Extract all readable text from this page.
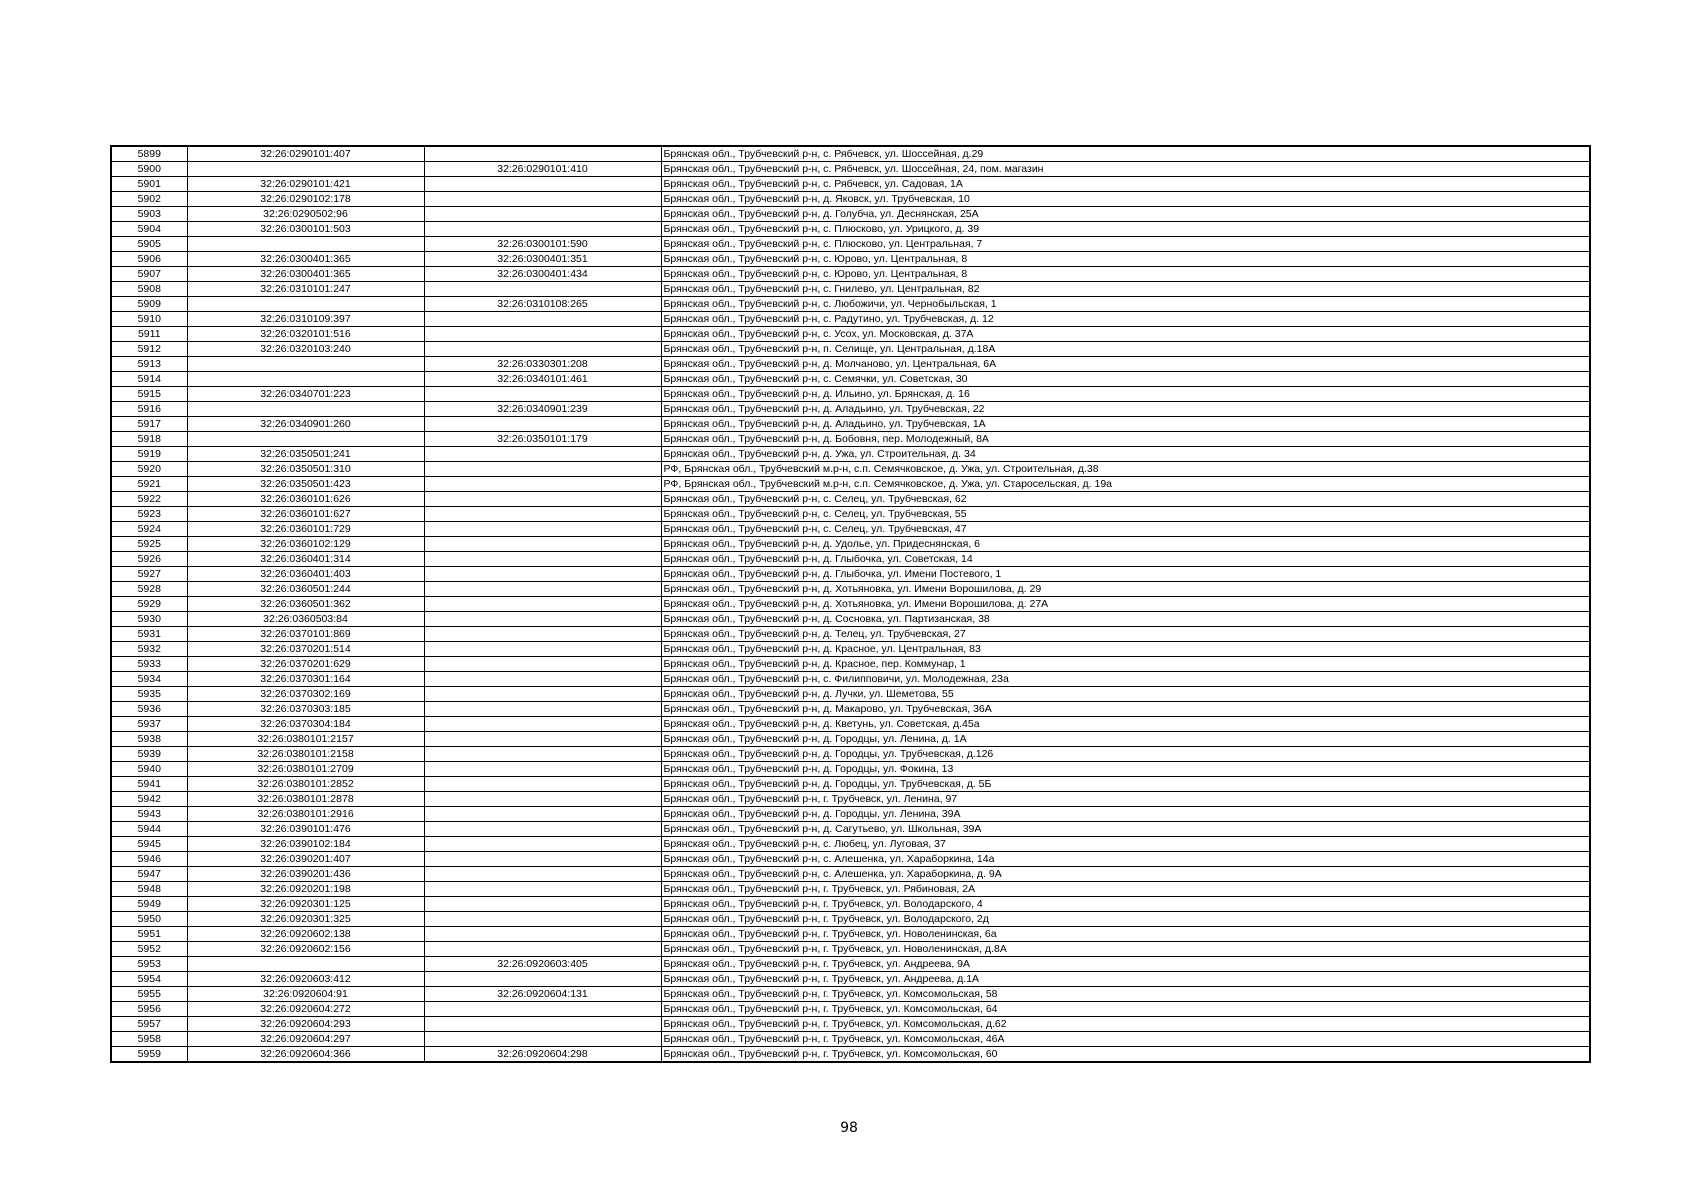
5899	32:26:0290101:407		Брянская обл., Трубчевский р-н, с. Рябчевск, ул. Шоссейная, д.29
5900		32:26:0290101:410	Брянская обл., Трубчевский р-н, с. Рябчевск, ул. Шоссейная, 24, пом. магазин
5901	32:26:0290101:421		Брянская обл., Трубчевский р-н, с. Рябчевск, ул. Садовая, 1А
5902	32:26:0290102:178		Брянская обл., Трубчевский р-н, д. Яковск, ул. Трубчевская, 10
5903	32:26:0290502:96		Брянская обл., Трубчевский р-н, д. Голубча, ул. Деснянская, 25А
5904	32:26:0300101:503		Брянская обл., Трубчевский р-н, с. Плюсково, ул. Урицкого, д. 39
5905		32:26:0300101:590	Брянская обл., Трубчевский р-н, с. Плюсково, ул. Центральная, 7
5906	32:26:0300401:365	32:26:0300401:351	Брянская обл., Трубчевский р-н, с. Юрово, ул. Центральная, 8
5907	32:26:0300401:365	32:26:0300401:434	Брянская обл., Трубчевский р-н, с. Юрово, ул. Центральная, 8
5908	32:26:0310101:247		Брянская обл., Трубчевский р-н, с. Гнилево, ул. Центральная, 82
5909		32:26:0310108:265	Брянская обл., Трубчевский р-н, с. Любожичи, ул. Чернобыльская, 1
5910	32:26:0310109:397		Брянская обл., Трубчевский р-н, с. Радутино, ул. Трубчевская, д. 12
5911	32:26:0320101:516		Брянская обл., Трубчевский р-н, с. Усох, ул. Московская, д. 37А
5912	32:26:0320103:240		Брянская обл., Трубчевский р-н, п. Селище, ул. Центральная, д.18А
5913		32:26:0330301:208	Брянская обл., Трубчевский р-н, д. Молчаново, ул. Центральная, 6А
5914		32:26:0340101:461	Брянская обл., Трубчевский р-н, с. Семячки, ул. Советская, 30
5915	32:26:0340701:223		Брянская обл., Трубчевский р-н, д. Ильино, ул. Брянская, д. 16
5916		32:26:0340901:239	Брянская обл., Трубчевский р-н, д. Аладьино, ул. Трубчевская, 22
5917	32:26:0340901:260		Брянская обл., Трубчевский р-н, д. Аладьино, ул. Трубчевская, 1А
5918		32:26:0350101:179	Брянская обл., Трубчевский р-н, д. Бобовня, пер. Молодежный, 8А
5919	32:26:0350501:241		Брянская обл., Трубчевский р-н, д. Ужа, ул. Строительная, д. 34
5920	32:26:0350501:310		РФ, Брянская обл., Трубчевский м.р-н, с.п. Семячковское, д. Ужа, ул. Строительная, д.38
5921	32:26:0350501:423		РФ, Брянская обл., Трубчевский м.р-н, с.п. Семячковское, д. Ужа, ул. Старосельская, д. 19а
5922	32:26:0360101:626		Брянская обл., Трубчевский р-н, с. Селец, ул. Трубчевская, 62
5923	32:26:0360101:627		Брянская обл., Трубчевский р-н, с. Селец, ул. Трубчевская, 55
5924	32:26:0360101:729		Брянская обл., Трубчевский р-н, с. Селец, ул. Трубчевская, 47
5925	32:26:0360102:129		Брянская обл., Трубчевский р-н, д. Удолье, ул. Придеснянская, 6
5926	32:26:0360401:314		Брянская обл., Трубчевский р-н, д. Глыбочка, ул. Советская, 14
5927	32:26:0360401:403		Брянская обл., Трубчевский р-н, д. Глыбочка, ул. Имени Постевого, 1
5928	32:26:0360501:244		Брянская обл., Трубчевский р-н, д. Хотьяновка, ул. Имени Ворошилова, д. 29
5929	32:26:0360501:362		Брянская обл., Трубчевский р-н, д. Хотьяновка, ул. Имени Ворошилова, д. 27А
5930	32:26:0360503:84		Брянская обл., Трубчевский р-н, д. Сосновка, ул. Партизанская, 38
5931	32:26:0370101:869		Брянская обл., Трубчевский р-н, д. Телец, ул. Трубчевская, 27
5932	32:26:0370201:514		Брянская обл., Трубчевский р-н, д. Красное, ул. Центральная, 83
5933	32:26:0370201:629		Брянская обл., Трубчевский р-н, д. Красное, пер. Коммунар, 1
5934	32:26:0370301:164		Брянская обл., Трубчевский р-н, с. Филипповичи, ул. Молодежная, 23а
5935	32:26:0370302:169		Брянская обл., Трубчевский р-н, д. Лучки, ул. Шеметова, 55
5936	32:26:0370303:185		Брянская обл., Трубчевский р-н, д. Макарово, ул. Трубчевская, 36А
5937	32:26:0370304:184		Брянская обл., Трубчевский р-н, д. Кветунь, ул. Советская, д.45а
5938	32:26:0380101:2157		Брянская обл., Трубчевский р-н, д. Городцы, ул. Ленина, д. 1А
5939	32:26:0380101:2158		Брянская обл., Трубчевский р-н, д. Городцы, ул. Трубчевская, д.126
5940	32:26:0380101:2709		Брянская обл., Трубчевский р-н, д. Городцы, ул. Фокина, 13
5941	32:26:0380101:2852		Брянская обл., Трубчевский р-н, д. Городцы, ул. Трубчевская, д. 5Б
5942	32:26:0380101:2878		Брянская обл., Трубчевский р-н, г. Трубчевск, ул. Ленина, 97
5943	32:26:0380101:2916		Брянская обл., Трубчевский р-н, д. Городцы, ул. Ленина, 39А
5944	32:26:0390101:476		Брянская обл., Трубчевский р-н, д. Сагутьево, ул. Школьная, 39А
5945	32:26:0390102:184		Брянская обл., Трубчевский р-н, с. Любец, ул. Луговая, 37
5946	32:26:0390201:407		Брянская обл., Трубчевский р-н, с. Алешенка, ул. Хараборкина, 14а
5947	32:26:0390201:436		Брянская обл., Трубчевский р-н, с. Алешенка, ул. Хараборкина, д. 9А
5948	32:26:0920201:198		Брянская обл., Трубчевский р-н, г. Трубчевск, ул. Рябиновая, 2А
5949	32:26:0920301:125		Брянская обл., Трубчевский р-н, г. Трубчевск, ул. Володарского, 4
5950	32:26:0920301:325		Брянская обл., Трубчевский р-н, г. Трубчевск, ул. Володарского, 2д
5951	32:26:0920602:138		Брянская обл., Трубчевский р-н, г. Трубчевск, ул. Новоленинская, 6а
5952	32:26:0920602:156		Брянская обл., Трубчевский р-н, г. Трубчевск, ул. Новоленинская, д.8А
5953		32:26:0920603:405	Брянская обл., Трубчевский р-н, г. Трубчевск, ул. Андреева, 9А
5954	32:26:0920603:412		Брянская обл., Трубчевский р-н, г. Трубчевск, ул. Андреева, д.1А
5955	32:26:0920604:91	32:26:0920604:131	Брянская обл., Трубчевский р-н, г. Трубчевск, ул. Комсомольская, 58
5956	32:26:0920604:272		Брянская обл., Трубчевский р-н, г. Трубчевск, ул. Комсомольская, 64
5957	32:26:0920604:293		Брянская обл., Трубчевский р-н, г. Трубчевск, ул. Комсомольская, д.62
5958	32:26:0920604:297		Брянская обл., Трубчевский р-н, г. Трубчевск, ул. Комсомольская, 46А
5959	32:26:0920604:366	32:26:0920604:298	Брянская обл., Трубчевский р-н, г. Трубчевск, ул. Комсомольская, 60
98
